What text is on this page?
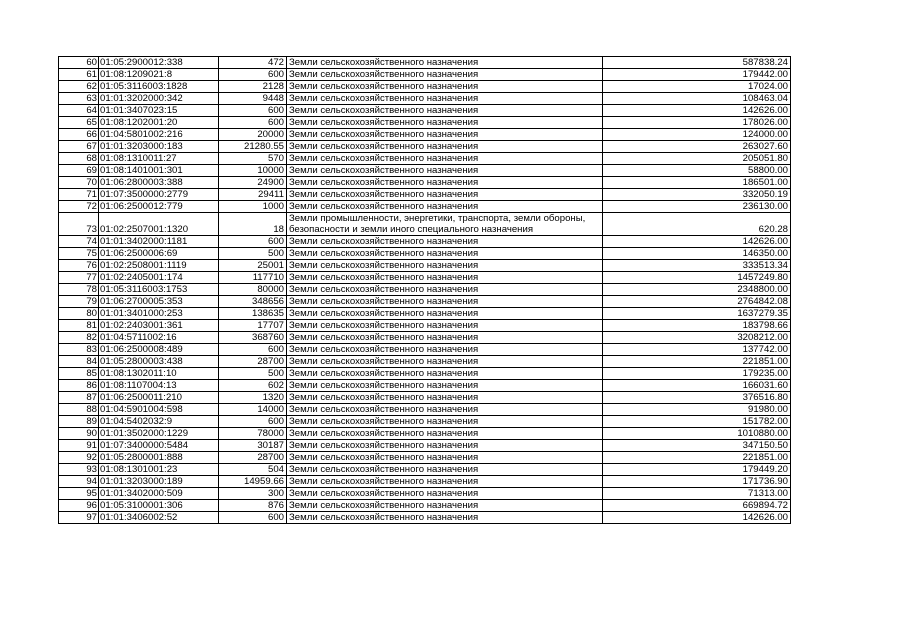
60	01:05:2900012:338	472	Земли сельскохозяйственного назначения	587838.24
61	01:08:1209021:8	600	Земли сельскохозяйственного назначения	179442.00
62	01:05:3116003:1828	2128	Земли сельскохозяйственного назначения	17024.00
63	01:01:3202000:342	9448	Земли сельскохозяйственного назначения	108463.04
64	01:01:3407023:15	600	Земли сельскохозяйственного назначения	142626.00
65	01:08:1202001:20	600	Земли сельскохозяйственного назначения	178026.00
66	01:04:5801002:216	20000	Земли сельскохозяйственного назначения	124000.00
67	01:01:3203000:183	21280.55	Земли сельскохозяйственного назначения	263027.60
68	01:08:1310011:27	570	Земли сельскохозяйственного назначения	205051.80
69	01:08:1401001:301	10000	Земли сельскохозяйственного назначения	58800.00
70	01:06:2800003:388	24900	Земли сельскохозяйственного назначения	186501.00
71	01:07:3500000:2779	29411	Земли сельскохозяйственного назначения	332050.19
72	01:06:2500012:779	1000	Земли сельскохозяйственного назначения	236130.00
73	01:02:2507001:1320	18	Земли промышленности, энергетики, транспорта, земли обороны, безопасности и земли иного специального назначения	620.28
74	01:01:3402000:1181	600	Земли сельскохозяйственного назначения	142626.00
75	01:06:2500006:69	500	Земли сельскохозяйственного назначения	146350.00
76	01:02:2508001:1119	25001	Земли сельскохозяйственного назначения	333513.34
77	01:02:2405001:174	117710	Земли сельскохозяйственного назначения	1457249.80
78	01:05:3116003:1753	80000	Земли сельскохозяйственного назначения	2348800.00
79	01:06:2700005:353	348656	Земли сельскохозяйственного назначения	2764842.08
80	01:01:3401000:253	138635	Земли сельскохозяйственного назначения	1637279.35
81	01:02:2403001:361	17707	Земли сельскохозяйственного назначения	183798.66
82	01:04:5711002:16	368760	Земли сельскохозяйственного назначения	3208212.00
83	01:06:2500008:489	600	Земли сельскохозяйственного назначения	137742.00
84	01:05:2800003:438	28700	Земли сельскохозяйственного назначения	221851.00
85	01:08:1302011:10	500	Земли сельскохозяйственного назначения	179235.00
86	01:08:1107004:13	602	Земли сельскохозяйственного назначения	166031.60
87	01:06:2500011:210	1320	Земли сельскохозяйственного назначения	376516.80
88	01:04:5901004:598	14000	Земли сельскохозяйственного назначения	91980.00
89	01:04:5402032:9	600	Земли сельскохозяйственного назначения	151782.00
90	01:01:3502000:1229	78000	Земли сельскохозяйственного назначения	1010880.00
91	01:07:3400000:5484	30187	Земли сельскохозяйственного назначения	347150.50
92	01:05:2800001:888	28700	Земли сельскохозяйственного назначения	221851.00
93	01:08:1301001:23	504	Земли сельскохозяйственного назначения	179449.20
94	01:01:3203000:189	14959.66	Земли сельскохозяйственного назначения	171736.90
95	01:01:3402000:509	300	Земли сельскохозяйственного назначения	71313.00
96	01:05:3100001:306	876	Земли сельскохозяйственного назначения	669894.72
97	01:01:3406002:52	600	Земли сельскохозяйственного назначения	142626.00
